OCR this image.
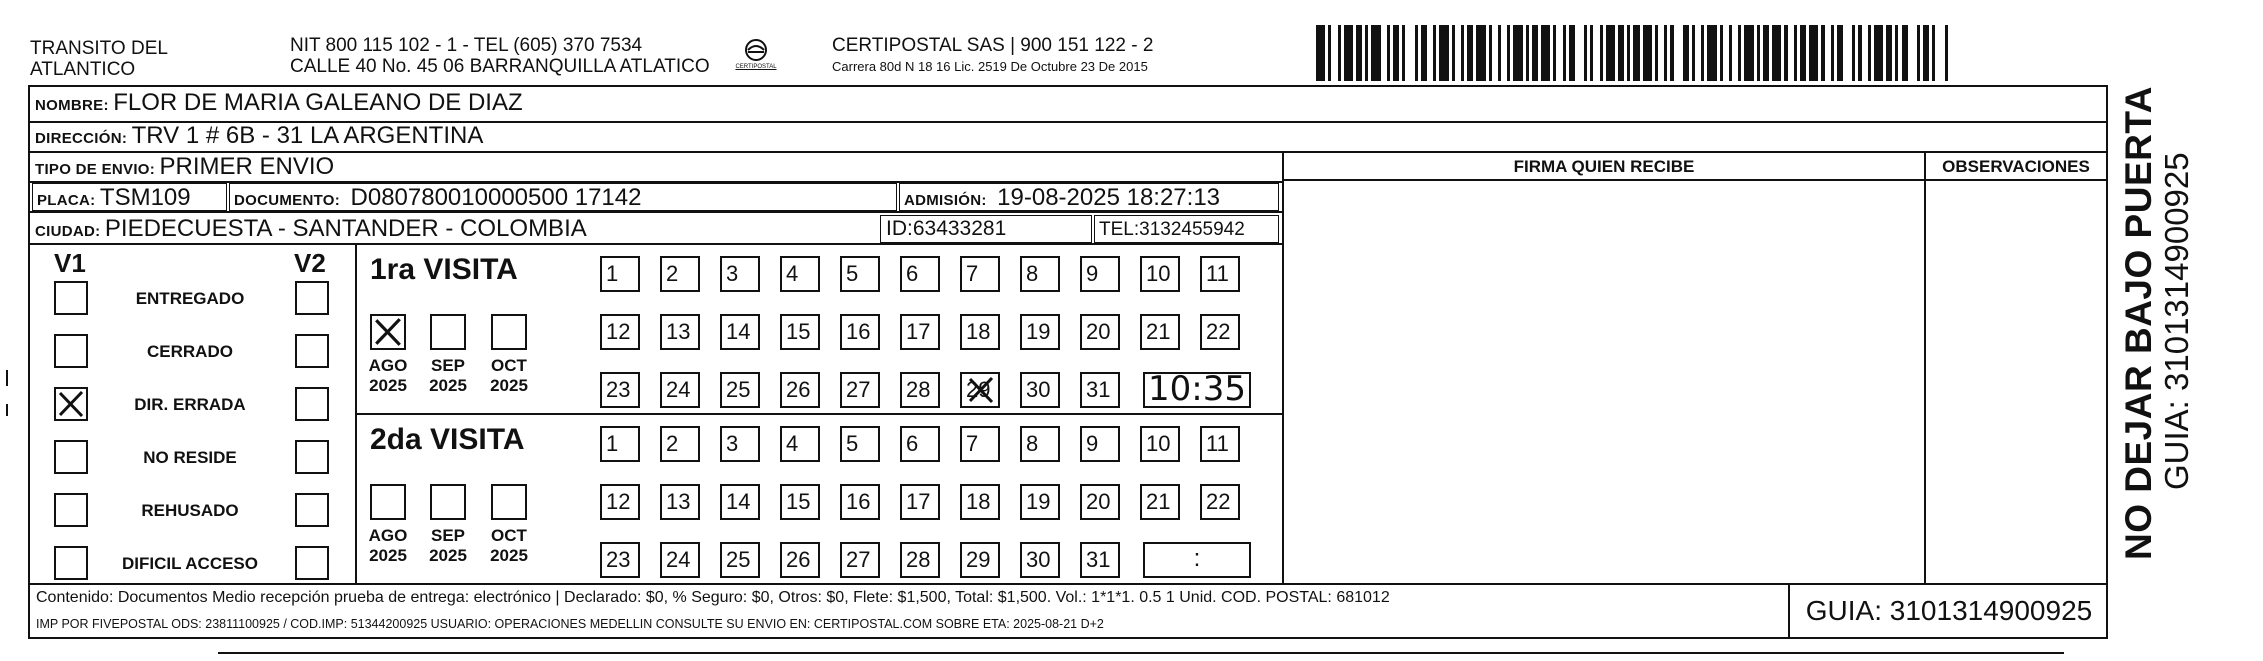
TRANSITO DEL
ATLANTICO
NIT 800 115 102 - 1 - TEL (605) 370 7534
CALLE 40 No. 45 06 BARRANQUILLA ATLATICO	CERTIPOSTAL
CERTIPOSTAL SAS | 900 151 122 - 2
Carrera 80d N 18 16 Lic. 2519 De Octubre 23 De 2015
NOMBRE: FLOR DE MARIA GALEANO DE DIAZ
DIRECCIÓN: TRV 1 # 6B - 31 LA ARGENTINA
TIPO DE ENVIO: PRIMER ENVIO
PLACA: TSM109	DOCUMENTO: D080780010000500 17142	ADMISIÓN: 19-08-2025 18:27:13
CIUDAD: PIEDECUESTA - SANTANDER - COLOMBIA	ID:63433281	TEL:3132455942
FIRMA QUIEN RECIBE	OBSERVACIONES
V1	V2
ENTREGADO
CERRADO
DIR. ERRADA
NO RESIDE
REHUSADO
DIFICIL ACCESO
1ra VISITA
AGO
2025
SEP
2025
OCT
2025
1	2	3	4	5	6	7	8	9	10	11
12	13	14	15	16	17	18	19	20	21	22
23	24	25	26	27	28	29	30	31 10:35
2da VISITA
AGO
2025
SEP
2025
OCT
2025
1	2	3	4	5	6	7	8	9	10	11
12	13	14	15	16	17	18	19	20	21	22
23	24	25	26	27	28	29	30	31	:
Contenido: Documentos Medio recepción prueba de entrega: electrónico | Declarado: $0, % Seguro: $0, Otros: $0, Flete: $1,500, Total: $1,500. Vol.: 1*1*1. 0.5 1 Unid. COD. POSTAL: 681012
IMP POR FIVEPOSTAL ODS: 23811100925 / COD.IMP: 51344200925 USUARIO: OPERACIONES MEDELLIN CONSULTE SU ENVIO EN: CERTIPOSTAL.COM SOBRE ETA: 2025-08-21 D+2	GUIA: 3101314900925
NO DEJAR BAJO PUERTA GUIA: 3101314900925
